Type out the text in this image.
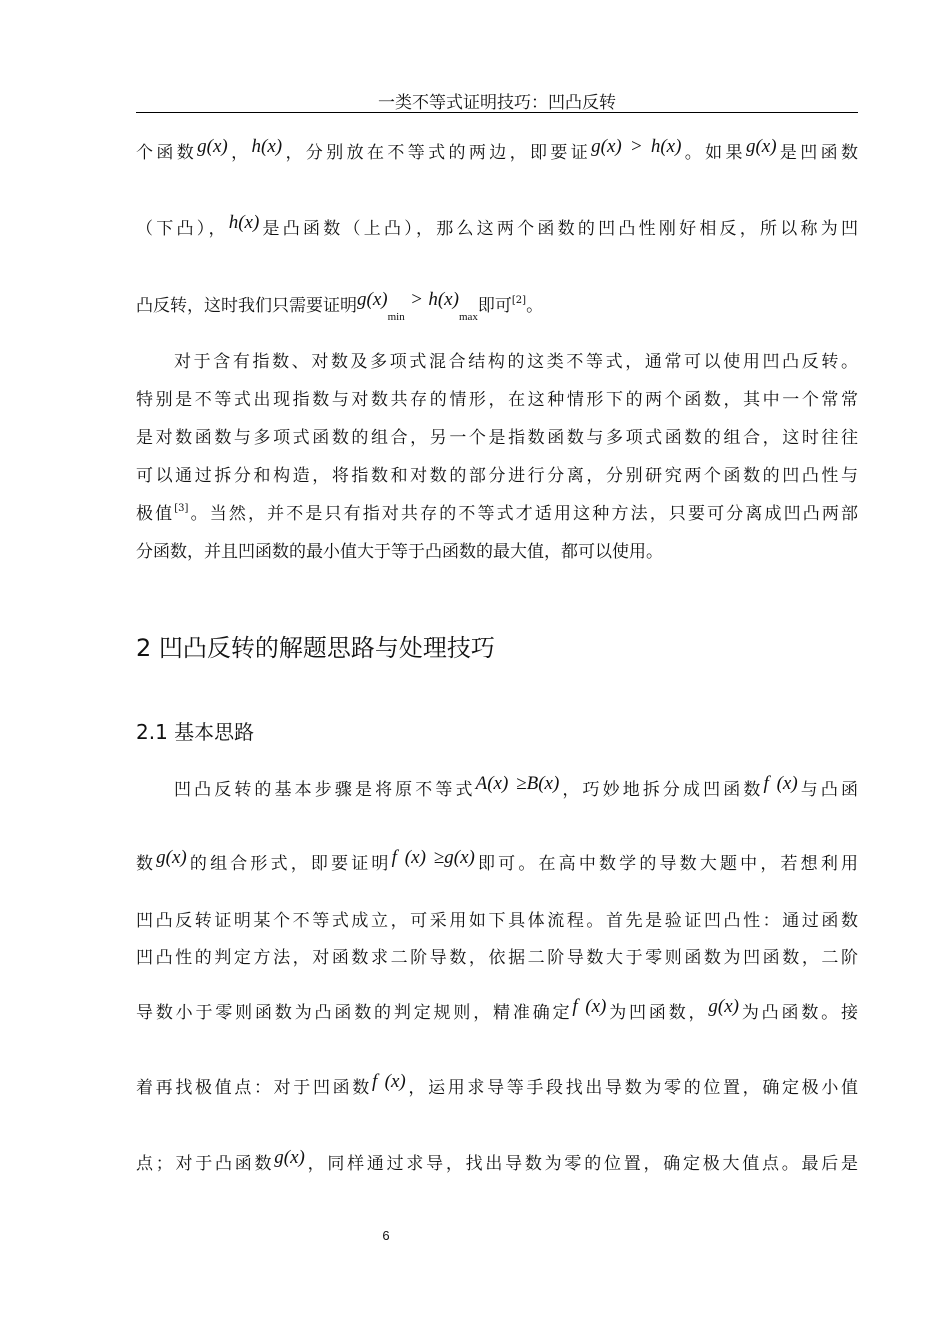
一类不等式证明技巧：凹凸反转
个函数g(x)，h(x)，分别放在不等式的两边，即要证g(x) > h(x)。如果g(x)是凹函数
（下凸），h(x)是凸函数（上凸），那么这两个函数的凹凸性刚好相反，所以称为凹
凸反转，这时我们只需要证明$g(x)_{min} > h(x)_{max}$即可[2]。
对于含有指数、对数及多项式混合结构的这类不等式，通常可以使用凹凸反转。
特别是不等式出现指数与对数共存的情形，在这种情形下的两个函数，其中一个常常
是对数函数与多项式函数的组合，另一个是指数函数与多项式函数的组合，这时往往
可以通过拆分和构造，将指数和对数的部分进行分离，分别研究两个函数的凹凸性与
极值[3]。当然，并不是只有指对共存的不等式才适用这种方法，只要可分离成凹凸两部
分函数，并且凹函数的最小值大于等于凸函数的最大值，都可以使用。
2 凹凸反转的解题思路与处理技巧
2.1 基本思路
凹凸反转的基本步骤是将原不等式A(x) ≥B(x)，巧妙地拆分成凹函数f (x)与凸函
数g(x)的组合形式，即要证明f (x) ≥g(x)即可。在高中数学的导数大题中，若想利用
凹凸反转证明某个不等式成立，可采用如下具体流程。首先是验证凹凸性：通过函数
凹凸性的判定方法，对函数求二阶导数，依据二阶导数大于零则函数为凹函数，二阶
导数小于零则函数为凸函数的判定规则，精准确定f (x)为凹函数，g(x)为凸函数。接
着再找极值点：对于凹函数f (x)，运用求导等手段找出导数为零的位置，确定极小值
点；对于凸函数g(x)，同样通过求导，找出导数为零的位置，确定极大值点。最后是
6
